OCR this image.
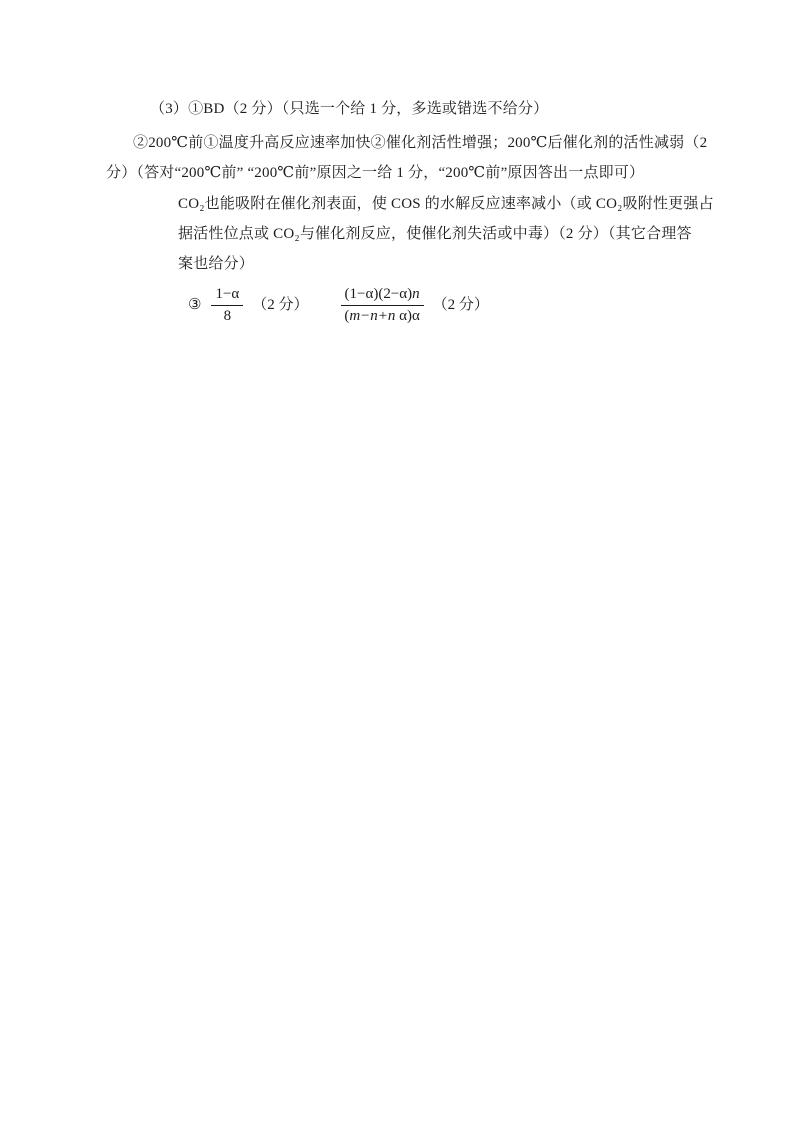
（3）①BD（2 分）（只选一个给 1 分，多选或错选不给分）

②200℃前①温度升高反应速率加快②催化剂活性增强；200℃后催化剂的活性减弱（2

分）（答对“200℃前” “200℃前”原因之一给 1 分，“200℃前”原因答出一点即可）

CO₂也能吸附在催化剂表面，使 COS 的水解反应速率减小（或 CO₂吸附性更强占

据活性位点或 CO₂与催化剂反应，使催化剂失活或中毒）（2 分）（其它合理答

案也给分）

③ $\frac{1-\alpha}{8} (2$ 分） $\frac{(1-\alpha)(2-\alpha)n}{\text{(m−n+n α)α}} (2$ 分）
